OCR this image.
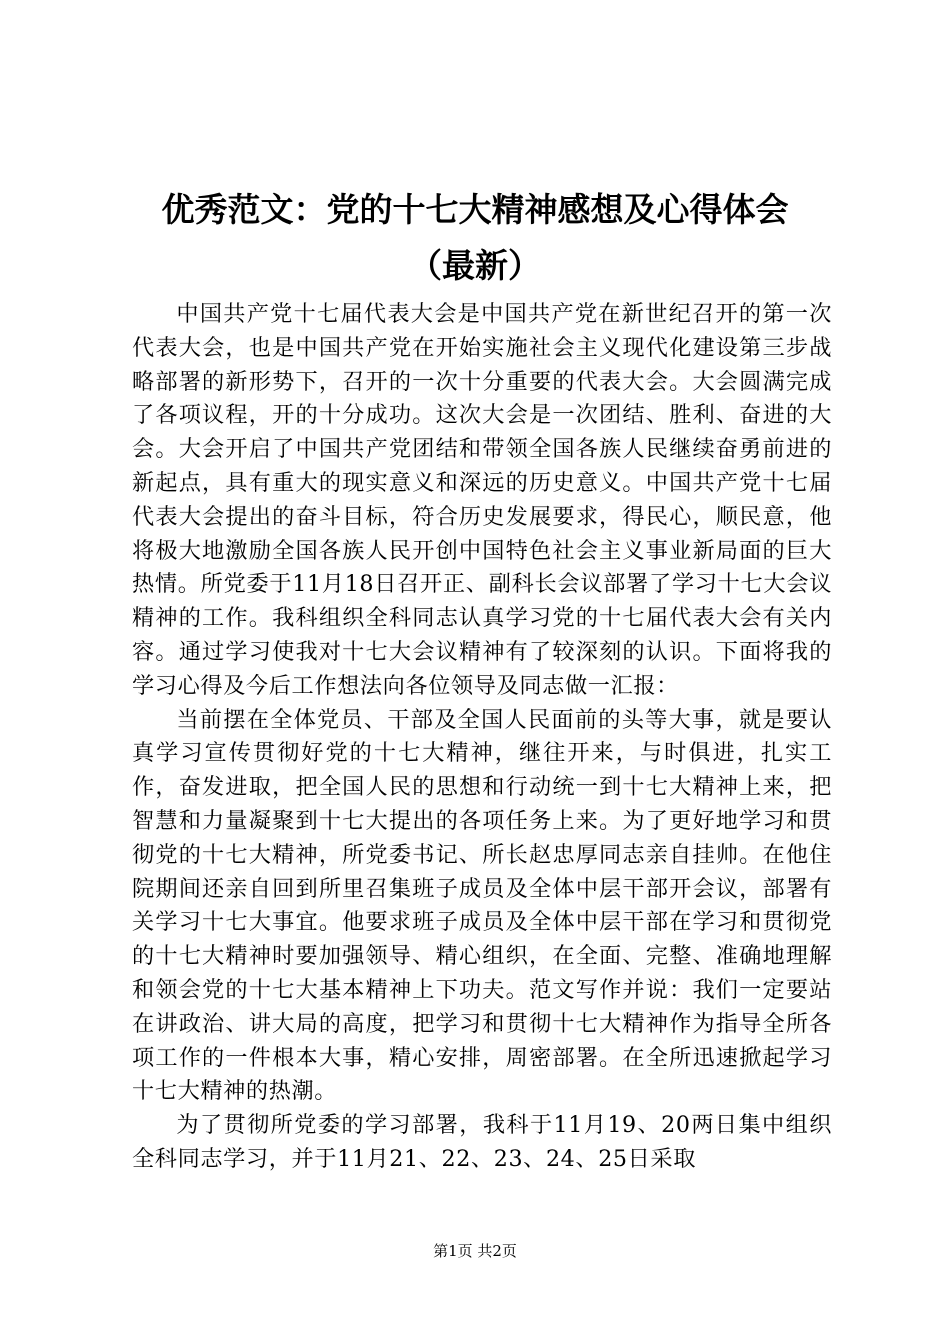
优秀范文：党的十七大精神感想及心得体会
（最新）

中国共产党十七届代表大会是中国共产党在新世纪召开的第一次代表大会，也是中国共产党在开始实施社会主义现代化建设第三步战略部署的新形势下，召开的一次十分重要的代表大会。大会圆满完成了各项议程，开的十分成功。这次大会是一次团结、胜利、奋进的大会。大会开启了中国共产党团结和带领全国各族人民继续奋勇前进的新起点，具有重大的现实意义和深远的历史意义。中国共产党十七届代表大会提出的奋斗目标，符合历史发展要求，得民心，顺民意，他将极大地激励全国各族人民开创中国特色社会主义事业新局面的巨大热情。所党委于11月18日召开正、副科长会议部署了学习十七大会议精神的工作。我科组织全科同志认真学习党的十七届代表大会有关内容。通过学习使我对十七大会议精神有了较深刻的认识。下面将我的学习心得及今后工作想法向各位领导及同志做一汇报：

当前摆在全体党员、干部及全国人民面前的头等大事，就是要认真学习宣传贯彻好党的十七大精神，继往开来，与时俱进，扎实工作，奋发进取，把全国人民的思想和行动统一到十七大精神上来，把智慧和力量凝聚到十七大提出的各项任务上来。为了更好地学习和贯彻党的十七大精神，所党委书记、所长赵忠厚同志亲自挂帅。在他住院期间还亲自回到所里召集班子成员及全体中层干部开会议，部署有关学习十七大事宜。他要求班子成员及全体中层干部在学习和贯彻党的十七大精神时要加强领导、精心组织，在全面、完整、准确地理解和领会党的十七大基本精神上下功夫。范文写作并说：我们一定要站在讲政治、讲大局的高度，把学习和贯彻十七大精神作为指导全所各项工作的一件根本大事，精心安排，周密部署。在全所迅速掀起学习十七大精神的热潮。

为了贯彻所党委的学习部署，我科于11月19、20两日集中组织全科同志学习，并于11月21、22、23、24、25日采取

第1页 共2页
